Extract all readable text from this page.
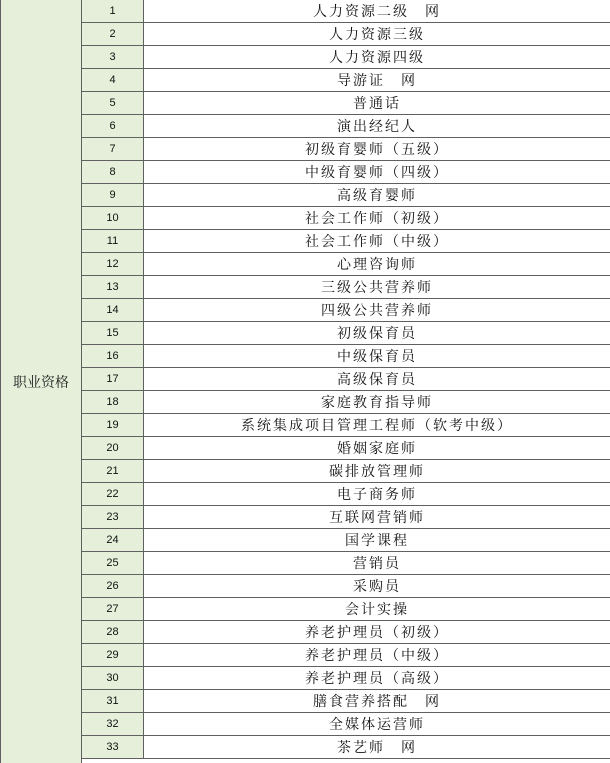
职业资格
1	人力资源二级　网
2	人力资源三级
3	人力资源四级
4	导游证　网
5	普通话
6	演出经纪人
7	初级育婴师（五级）
8	中级育婴师（四级）
9	高级育婴师
10	社会工作师（初级）
11	社会工作师（中级）
12	心理咨询师
13	三级公共营养师
14	四级公共营养师
15	初级保育员
16	中级保育员
17	高级保育员
18	家庭教育指导师
19	系统集成项目管理工程师（软考中级）
20	婚姻家庭师
21	碳排放管理师
22	电子商务师
23	互联网营销师
24	国学课程
25	营销员
26	采购员
27	会计实操
28	养老护理员（初级）
29	养老护理员（中级）
30	养老护理员（高级）
31	膳食营养搭配　网
32	全媒体运营师
33	茶艺师　网
